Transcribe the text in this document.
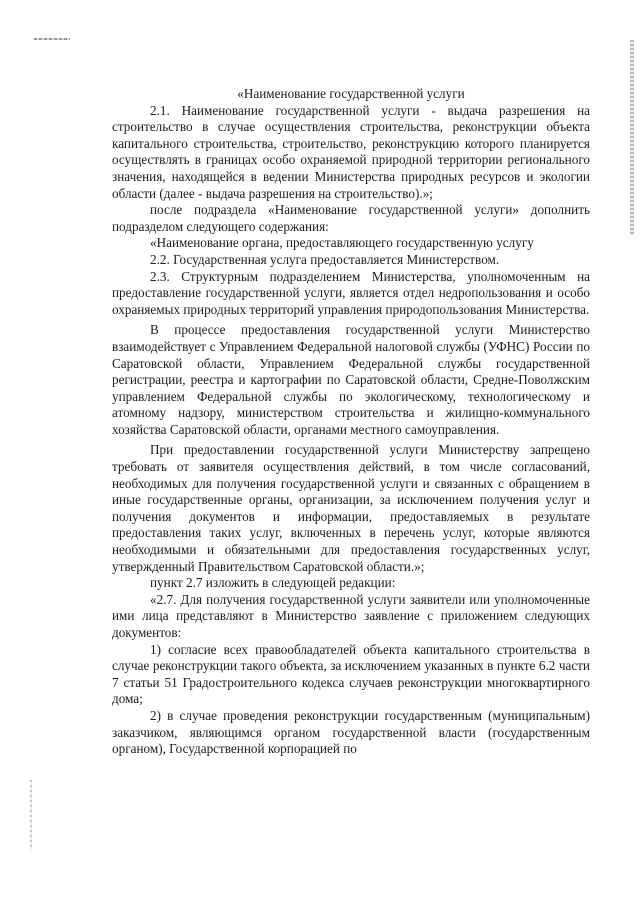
«Наименование государственной услуги

2.1. Наименование государственной услуги - выдача разрешения на строительство в случае осуществления строительства, реконструкции объекта капитального строительства, строительство, реконструкцию которого планируется осуществлять в границах особо охраняемой природной территории регионального значения, находящейся в ведении Министерства природных ресурсов и экологии области (далее - выдача разрешения на строительство).»;

после подраздела «Наименование государственной услуги» дополнить подразделом следующего содержания:

«Наименование органа, предоставляющего государственную услугу

2.2. Государственная услуга предоставляется Министерством.

2.3. Структурным подразделением Министерства, уполномоченным на предоставление государственной услуги, является отдел недропользования и особо охраняемых природных территорий управления природопользования Министерства.

В процессе предоставления государственной услуги Министерство взаимодействует с Управлением Федеральной налоговой службы (УФНС) России по Саратовской области, Управлением Федеральной службы государственной регистрации, реестра и картографии по Саратовской области, Средне-Поволжским управлением Федеральной службы по экологическому, технологическому и атомному надзору, министерством строительства и жилищно-коммунального хозяйства Саратовской области, органами местного самоуправления.

При предоставлении государственной услуги Министерству запрещено требовать от заявителя осуществления действий, в том числе согласований, необходимых для получения государственной услуги и связанных с обращением в иные государственные органы, организации, за исключением получения услуг и получения документов и информации, предоставляемых в результате предоставления таких услуг, включенных в перечень услуг, которые являются необходимыми и обязательными для предоставления государственных услуг, утвержденный Правительством Саратовской области.»;

пункт 2.7 изложить в следующей редакции:

«2.7. Для получения государственной услуги заявители или уполномоченные ими лица представляют в Министерство заявление с приложением следующих документов:

1) согласие всех правообладателей объекта капитального строительства в случае реконструкции такого объекта, за исключением указанных в пункте 6.2 части 7 статьи 51 Градостроительного кодекса случаев реконструкции многоквартирного дома;

2) в случае проведения реконструкции государственным (муниципальным) заказчиком, являющимся органом государственной власти (государственным органом), Государственной корпорацией по
